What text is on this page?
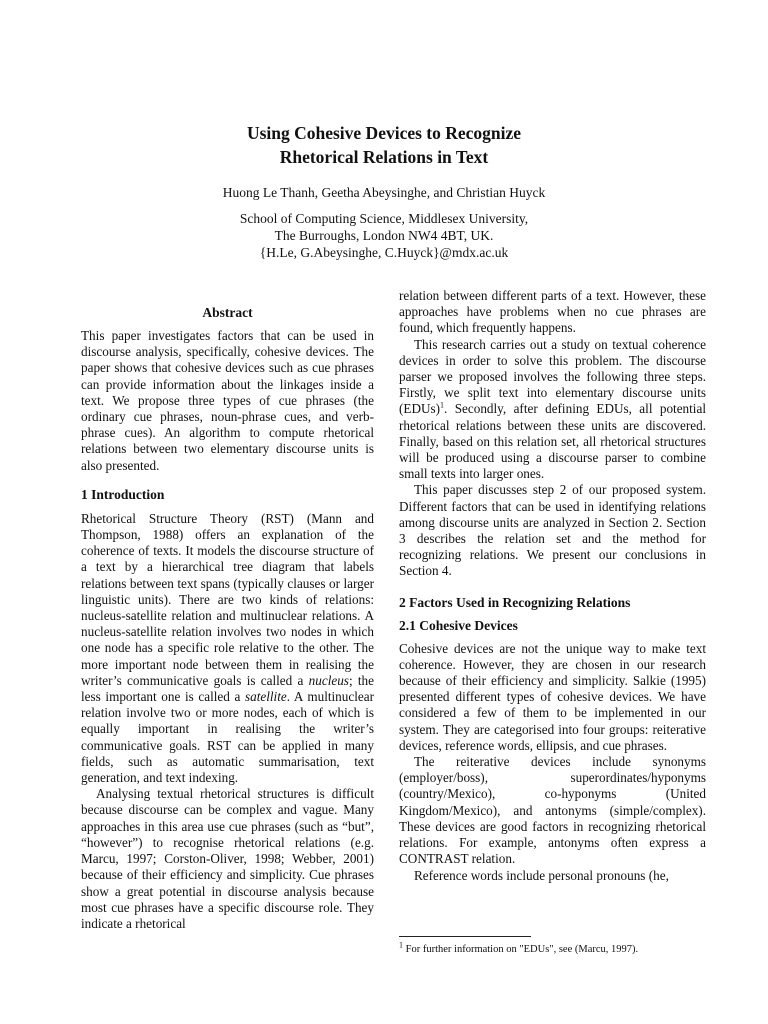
Using Cohesive Devices to Recognize
Rhetorical Relations in Text
Huong Le Thanh, Geetha Abeysinghe, and Christian Huyck
School of Computing Science, Middlesex University,
The Burroughs, London NW4 4BT, UK.
{H.Le, G.Abeysinghe, C.Huyck}@mdx.ac.uk
Abstract

This paper investigates factors that can be used in discourse analysis, specifically, cohesive devices. The paper shows that cohesive devices such as cue phrases can provide information about the linkages inside a text. We propose three types of cue phrases (the ordinary cue phrases, noun-phrase cues, and verb-phrase cues). An algorithm to compute rhetorical relations between two elementary discourse units is also presented.

1 Introduction

Rhetorical Structure Theory (RST) (Mann and Thompson, 1988) offers an explanation of the coherence of texts. It models the discourse structure of a text by a hierarchical tree diagram that labels relations between text spans (typically clauses or larger linguistic units). There are two kinds of relations: nucleus-satellite relation and multinuclear relations. A nucleus-satellite relation involves two nodes in which one node has a specific role relative to the other. The more important node between them in realising the writer’s communicative goals is called a nucleus; the less important one is called a satellite. A multinuclear relation involve two or more nodes, each of which is equally important in realising the writer’s communicative goals. RST can be applied in many fields, such as automatic summarisation, text generation, and text indexing.

Analysing textual rhetorical structures is difficult because discourse can be complex and vague. Many approaches in this area use cue phrases (such as “but”, “however”) to recognise rhetorical relations (e.g. Marcu, 1997; Corston-Oliver, 1998; Webber, 2001) because of their efficiency and simplicity. Cue phrases show a great potential in discourse analysis because most cue phrases have a specific discourse role. They indicate a rhetorical

relation between different parts of a text. However, these approaches have problems when no cue phrases are found, which frequently happens.

This research carries out a study on textual coherence devices in order to solve this problem. The discourse parser we proposed involves the following three steps. Firstly, we split text into elementary discourse units (EDUs)$^1$. Secondly, after defining EDUs, all potential rhetorical relations between these units are discovered. Finally, based on this relation set, all rhetorical structures will be produced using a discourse parser to combine small texts into larger ones.

This paper discusses step 2 of our proposed system. Different factors that can be used in identifying relations among discourse units are analyzed in Section 2. Section 3 describes the relation set and the method for recognizing relations. We present our conclusions in Section 4.

2 Factors Used in Recognizing Relations
2.1 Cohesive Devices

Cohesive devices are not the unique way to make text coherence. However, they are chosen in our research because of their efficiency and simplicity. Salkie (1995) presented different types of cohesive devices. We have considered a few of them to be implemented in our system. They are categorised into four groups: reiterative devices, reference words, ellipsis, and cue phrases.

The reiterative devices include synonyms (employer/boss), superordinates/hyponyms (country/Mexico), co-hyponyms (United Kingdom/Mexico), and antonyms (simple/complex). These devices are good factors in recognizing rhetorical relations. For example, antonyms often express a CONTRAST relation.

Reference words include personal pronouns (he,

$^1$ For further information on "EDUs", see (Marcu, 1997).
